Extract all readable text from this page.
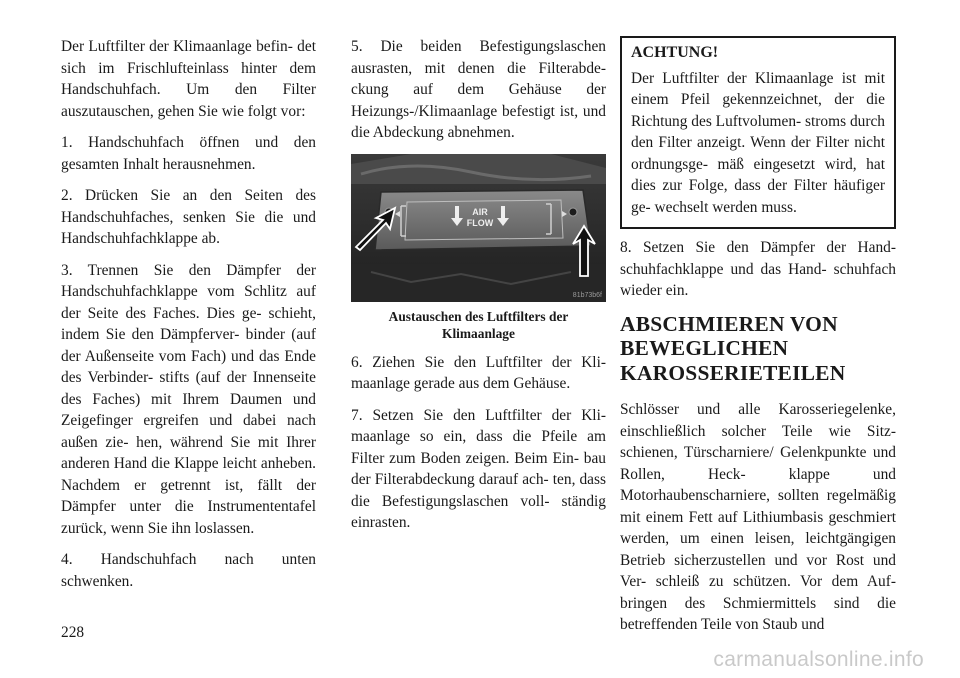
Der Luftfilter der Klimaanlage befin- det sich im Frischlufteinlass hinter dem Handschuhfach. Um den Filter auszutauschen, gehen Sie wie folgt vor:

1. Handschuhfach öffnen und den gesamten Inhalt herausnehmen.

2. Drücken Sie an den Seiten des Handschuhfaches, senken Sie die und Handschuhfachklappe ab.

3. Trennen Sie den Dämpfer der Handschuhfachklappe vom Schlitz auf der Seite des Faches. Dies ge- schieht, indem Sie den Dämpferver- binder (auf der Außenseite vom Fach) und das Ende des Verbinder- stifts (auf der Innenseite des Faches) mit Ihrem Daumen und Zeigefinger ergreifen und dabei nach außen zie- hen, während Sie mit Ihrer anderen Hand die Klappe leicht anheben. Nachdem er getrennt ist, fällt der Dämpfer unter die Instrumententafel zurück, wenn Sie ihn loslassen.

4. Handschuhfach nach unten schwenken.

5. Die beiden Befestigungslaschen ausrasten, mit denen die Filterabde- ckung auf dem Gehäuse der Heizungs-/Klimaanlage befestigt ist, und die Abdeckung abnehmen.

AIR
FLOW
81b73b6f
Austauschen des Luftfilters der Klimaanlage

6. Ziehen Sie den Luftfilter der Kli- maanlage gerade aus dem Gehäuse.

7. Setzen Sie den Luftfilter der Kli- maanlage so ein, dass die Pfeile am Filter zum Boden zeigen. Beim Ein- bau der Filterabdeckung darauf ach- ten, dass die Befestigungslaschen voll- ständig einrasten.

ACHTUNG!

Der Luftfilter der Klimaanlage ist mit einem Pfeil gekennzeichnet, der die Richtung des Luftvolumen- stroms durch den Filter anzeigt. Wenn der Filter nicht ordnungsge- mäß eingesetzt wird, hat dies zur Folge, dass der Filter häufiger ge- wechselt werden muss.

8. Setzen Sie den Dämpfer der Hand- schuhfachklappe und das Hand- schuhfach wieder ein.

ABSCHMIEREN VON BEWEGLICHEN KAROSSERIETEILEN

Schlösser und alle Karosseriegelenke, einschließlich solcher Teile wie Sitz- schienen, Türscharniere/ Gelenkpunkte und Rollen, Heck- klappe und Motorhaubenscharniere, sollten regelmäßig mit einem Fett auf Lithiumbasis geschmiert werden, um einen leisen, leichtgängigen Betrieb sicherzustellen und vor Rost und Ver- schleiß zu schützen. Vor dem Auf- bringen des Schmiermittels sind die betreffenden Teile von Staub und

228
carmanualsonline.info
